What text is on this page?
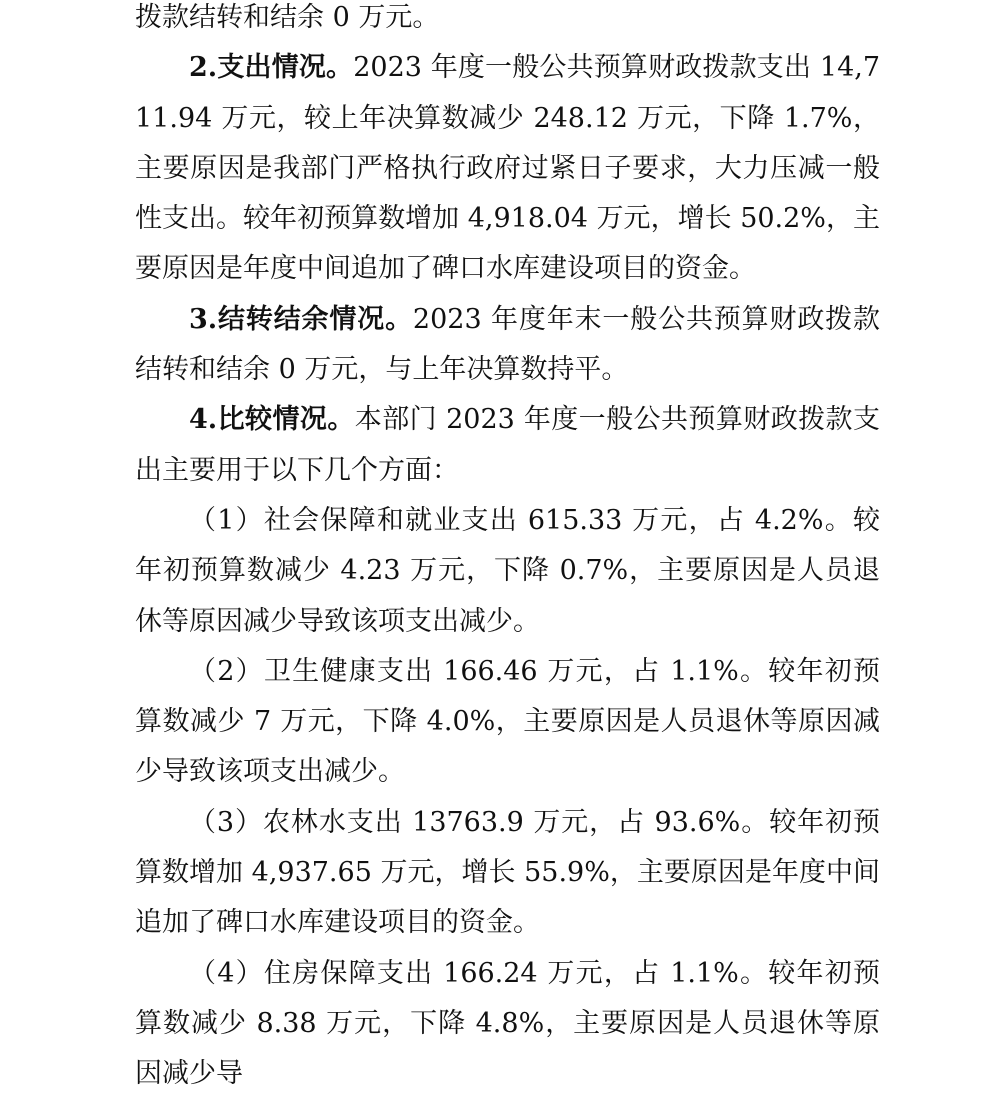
拨款结转和结余 0 万元。

2.支出情况。2023 年度一般公共预算财政拨款支出 14,711.94 万元，较上年决算数减少 248.12 万元，下降 1.7%，主要原因是我部门严格执行政府过紧日子要求，大力压减一般性支出。较年初预算数增加 4,918.04 万元，增长 50.2%，主要原因是年度中间追加了碑口水库建设项目的资金。

3.结转结余情况。2023 年度年末一般公共预算财政拨款结转和结余 0 万元，与上年决算数持平。

4.比较情况。本部门 2023 年度一般公共预算财政拨款支出主要用于以下几个方面：

（1）社会保障和就业支出 615.33 万元，占 4.2%。较年初预算数减少 4.23 万元，下降 0.7%，主要原因是人员退休等原因减少导致该项支出减少。

（2）卫生健康支出 166.46 万元，占 1.1%。较年初预算数减少 7 万元，下降 4.0%，主要原因是人员退休等原因减少导致该项支出减少。

（3）农林水支出 13763.9 万元，占 93.6%。较年初预算数增加 4,937.65 万元，增长 55.9%，主要原因是年度中间追加了碑口水库建设项目的资金。

（4）住房保障支出 166.24 万元，占 1.1%。较年初预算数减少 8.38 万元，下降 4.8%，主要原因是人员退休等原因减少导
